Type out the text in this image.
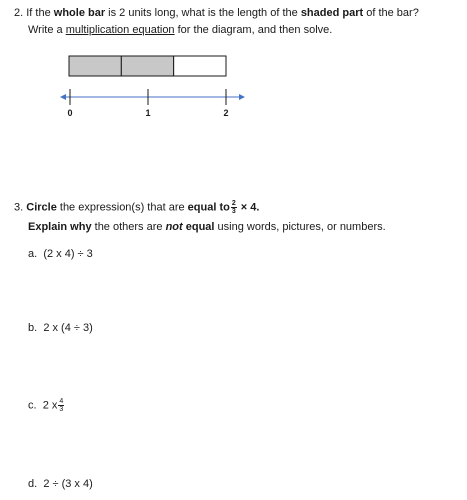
2. If the whole bar is 2 units long, what is the length of the shaded part of the bar?
Write a multiplication equation for the diagram, and then solve.
0	1	2
3. Circle the expression(s) that are equal to $\frac{2}{3} \times 4$.
Explain why the others are not equal using words, pictures, or numbers.
a. (2 x 4) ÷ 3
b. 2 x (4 ÷ 3)
c. 2 x $\frac{4}{3}$
d. 2 ÷ (3 x 4)
